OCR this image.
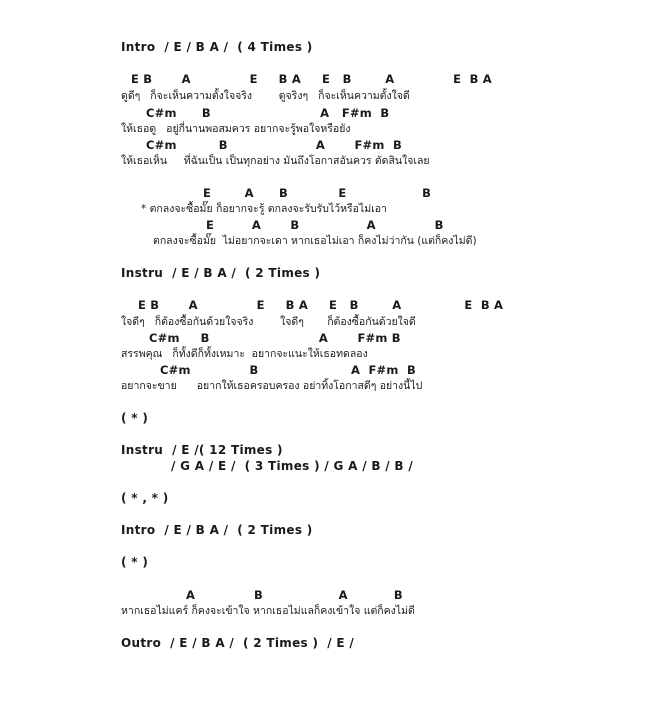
Intro  / E / B A /  ( 4 Times )
E B       A              E     B A     E   B        A              E  B A
ดูดีๆ   ก็จะเห็นความตั้งใจจริง        ดูจริงๆ   ก็จะเห็นความตั้งใจดี
C#m      B                          A   F#m  B
ให้เธอดู   อยู่กี่นานพอสมควร อยากจะรู้พอใจหรือยัง
C#m          B                     A       F#m  B
ให้เธอเห็น     ที่ฉันเป็น เป็นทุกอย่าง มันถึงโอกาสอันควร ตัดสินใจเลย
E        A      B            E                  B
* ตกลงจะซื้อมั๊ย ก็อยากจะรู้ ตกลงจะรับรับไว้หรือไม่เอา
E         A       B                A              B
ตกลงจะซื้อมั๊ย  ไม่อยากจะเดา หากเธอไม่เอา ก็คงไม่ว่ากัน (แต่ก็คงไม่ดี)
Instru  / E / B A /  ( 2 Times )
E B       A              E     B A     E   B        A               E  B A
ใจดีๆ   ก็ต้องซื้อกันด้วยใจจริง        ใจดีๆ       ก็ต้องซื้อกันด้วยใจดี
C#m     B                          A       F#m B
สรรพคุณ   ก็ทั้งดีก็ทั้งเหมาะ  อยากจะแนะให้เธอทดลอง
C#m              B                      A  F#m  B
อยากจะขาย      อยากให้เธอครอบครอง อย่าทิ้งโอกาสดีๆ อย่างนี้ไป
( * )
Instru  / E /( 12 Times )
/ G A / E /  ( 3 Times ) / G A / B / B /
( * , * )
Intro  / E / B A /  ( 2 Times )
( * )
A              B                  A           B
หากเธอไม่แคร์ ก็คงจะเข้าใจ หากเธอไม่แลก็คงเข้าใจ แต่ก็คงไม่ดี
Outro  / E / B A /  ( 2 Times )  / E /
